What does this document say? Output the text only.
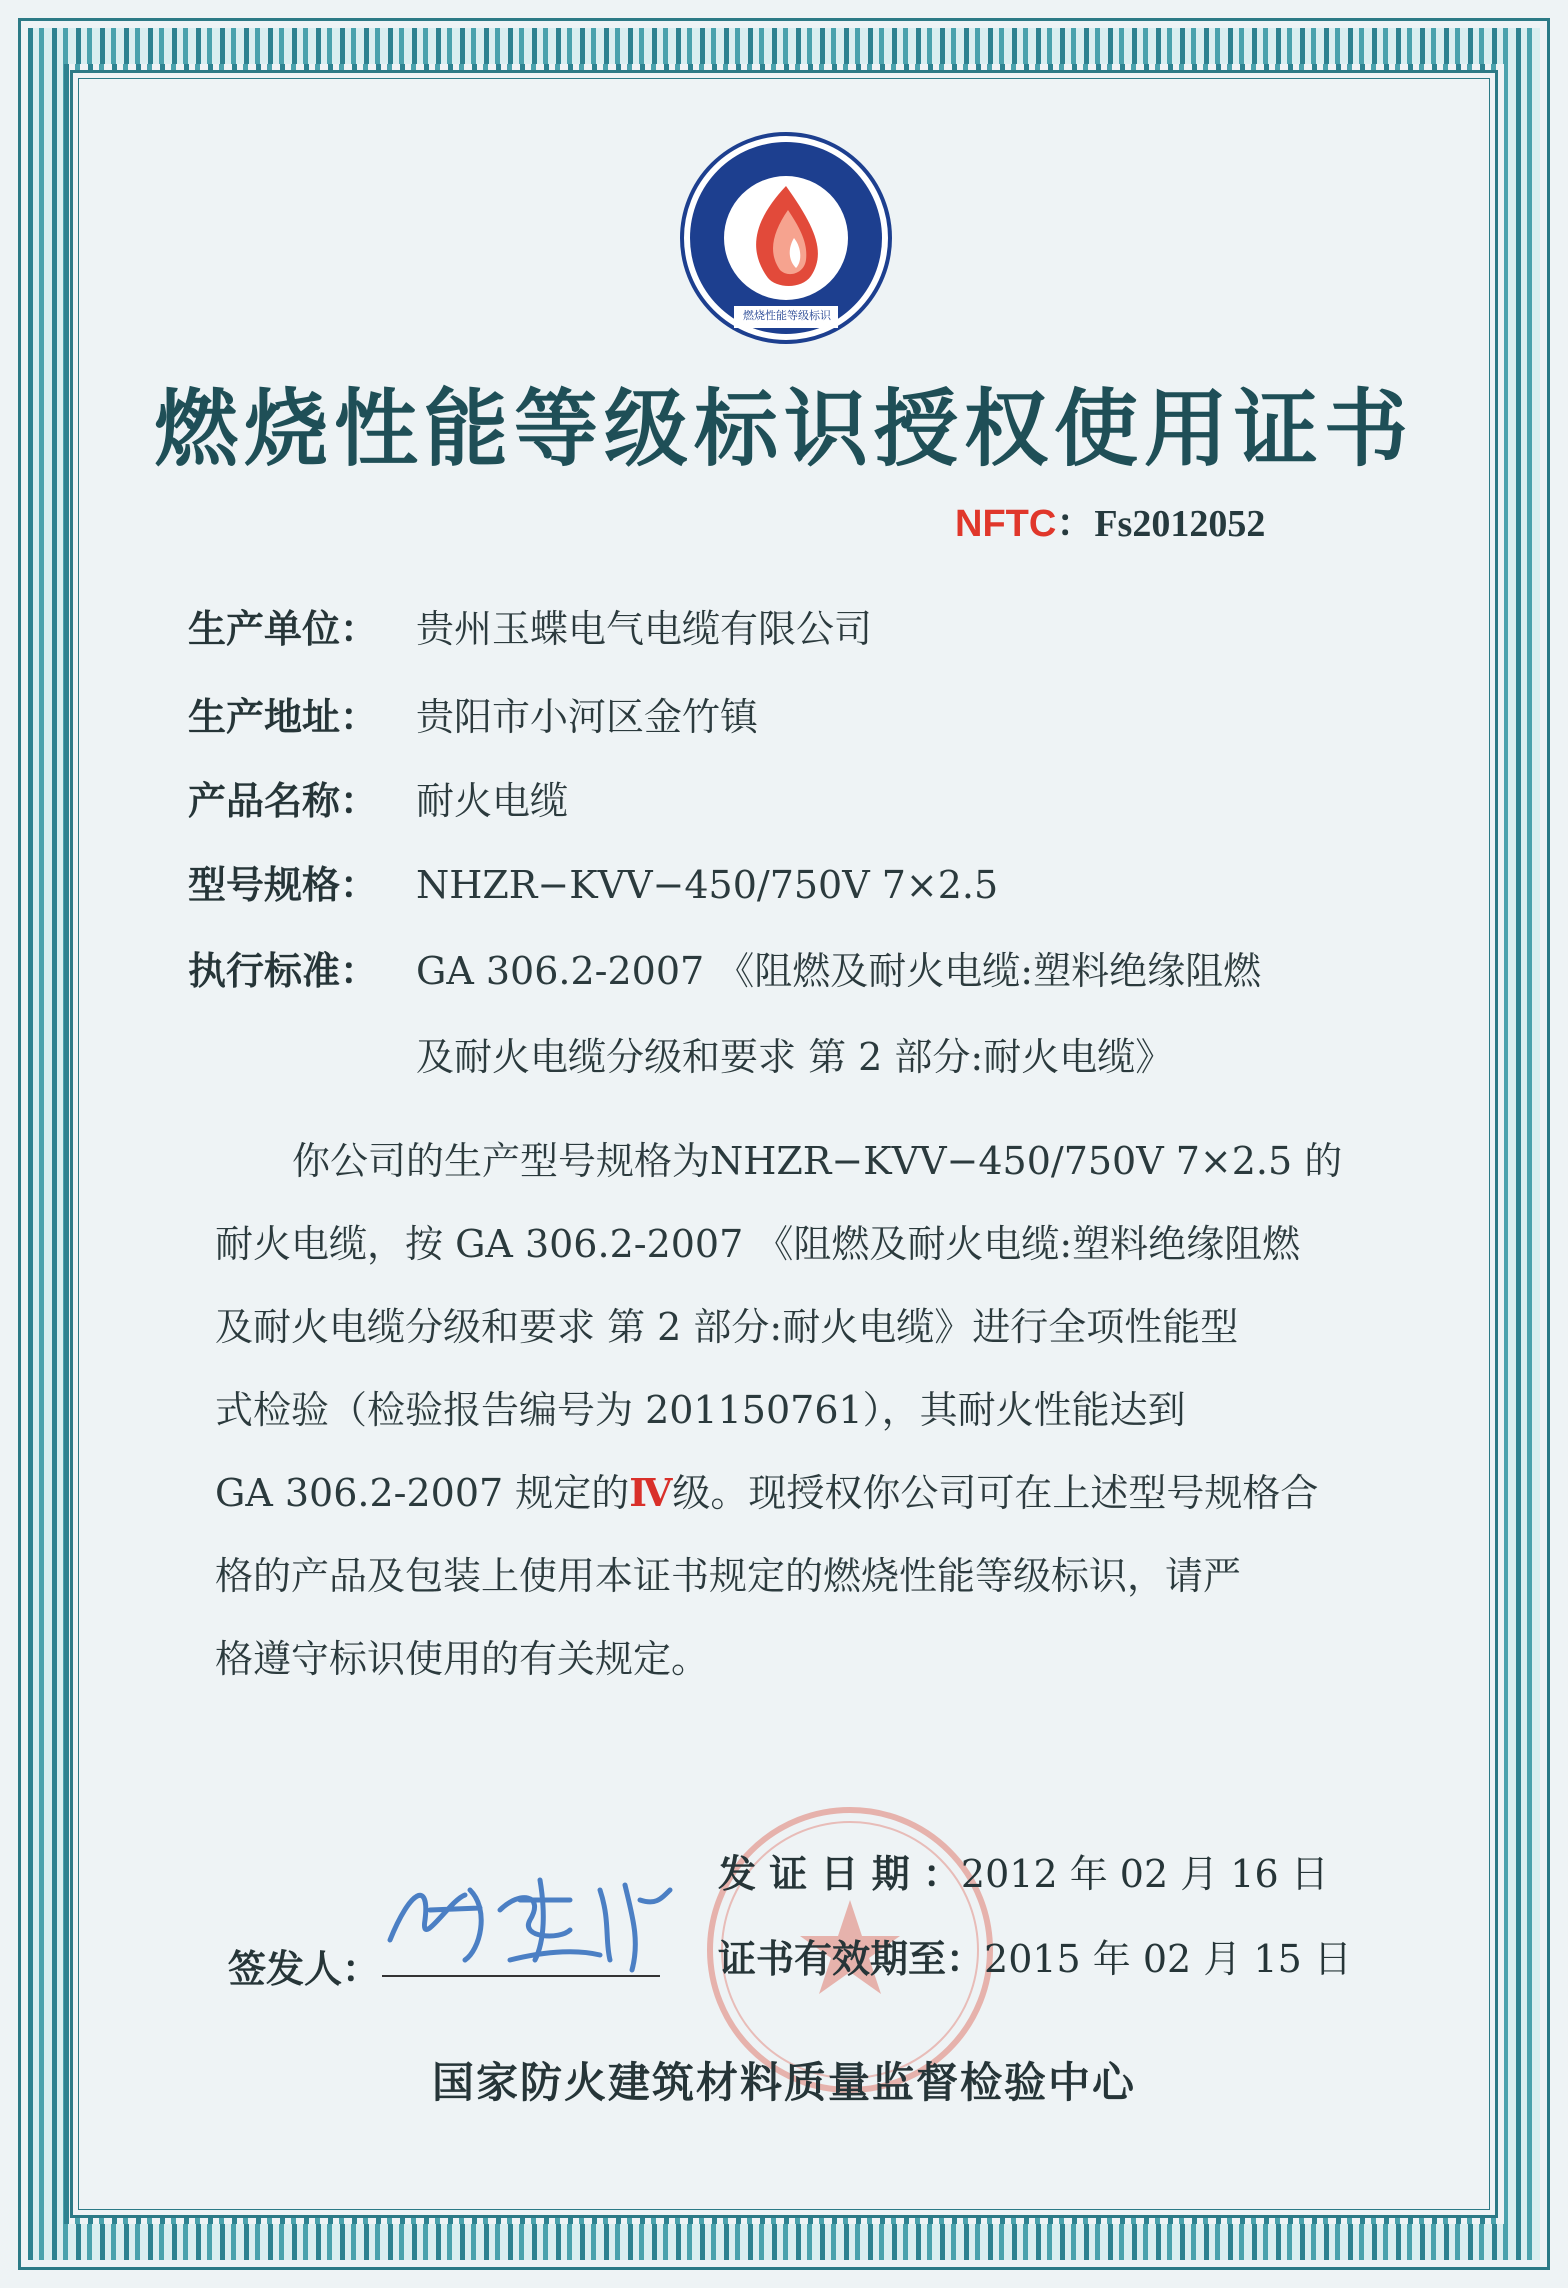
燃烧性能等级标识
燃烧性能等级标识授权使用证书
NFTC：Fs2012052
生产单位： 贵州玉蝶电气电缆有限公司
生产地址： 贵阳市小河区金竹镇
产品名称： 耐火电缆
型号规格： NHZR−KVV−450/750V 7×2.5
执行标准： GA 306.2-2007 《阻燃及耐火电缆:塑料绝缘阻燃
及耐火电缆分级和要求 第 2 部分:耐火电缆》
你公司的生产型号规格为NHZR−KVV−450/750V 7×2.5 的
耐火电缆，按 GA 306.2-2007 《阻燃及耐火电缆:塑料绝缘阻燃
及耐火电缆分级和要求 第 2 部分:耐火电缆》进行全项性能型
式检验（检验报告编号为 201150761），其耐火性能达到
GA 306.2-2007 规定的Ⅳ级。现授权你公司可在上述型号规格合
格的产品及包装上使用本证书规定的燃烧性能等级标识，请严
格遵守标识使用的有关规定。
签发人：
发 证 日 期 ：2012 年 02 月 16 日
证书有效期至：2015 年 02 月 15 日
国家防火建筑材料质量监督检验中心
